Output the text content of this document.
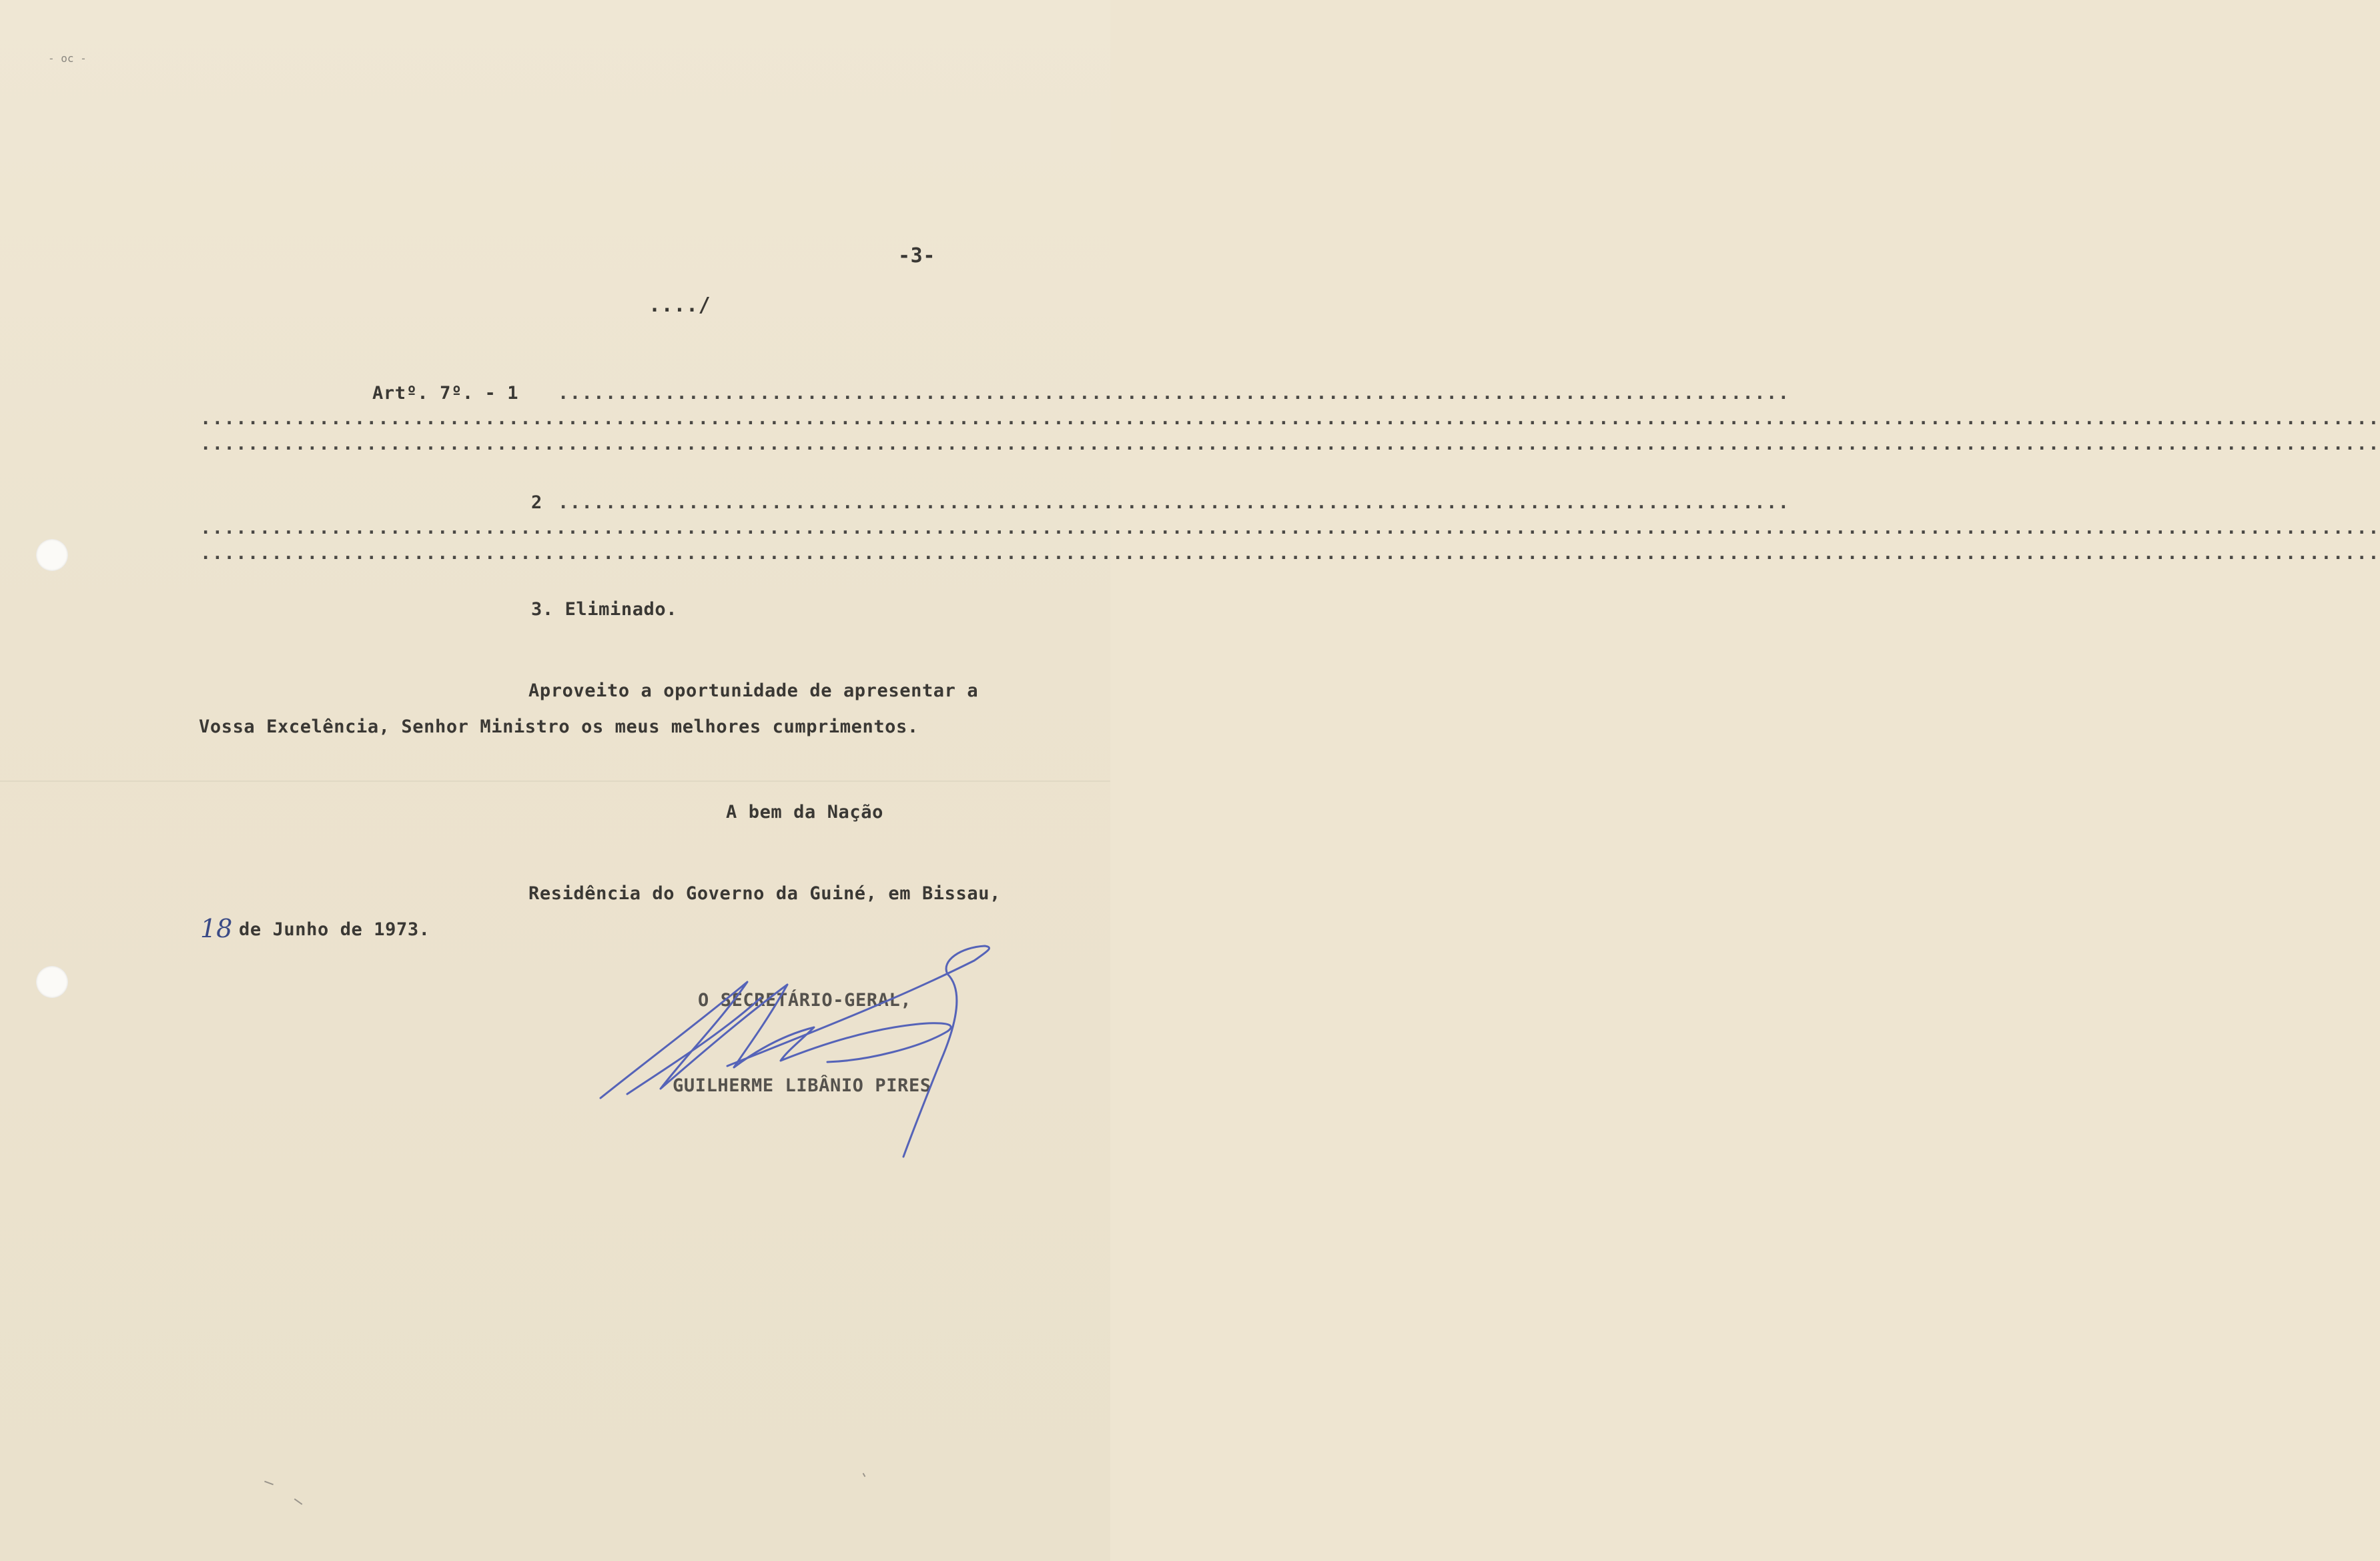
- oc -
-3-
..../
Artº. 7º. - 1 ........................................................................................................
........................................................................................................................................................................................
........................................................................................................................................................................................
2 ........................................................................................................
........................................................................................................................................................................................
........................................................................................................................................................................................
3. Eliminado.
Aproveito a oportunidade de apresentar a
Vossa Excelência, Senhor Ministro os meus melhores cumprimentos.
A bem da Nação
Residência do Governo da Guiné, em Bissau,
18 de Junho de 1973.
O SECRETÁRIO-GERAL,
GUILHERME LIBÂNIO PIRES
